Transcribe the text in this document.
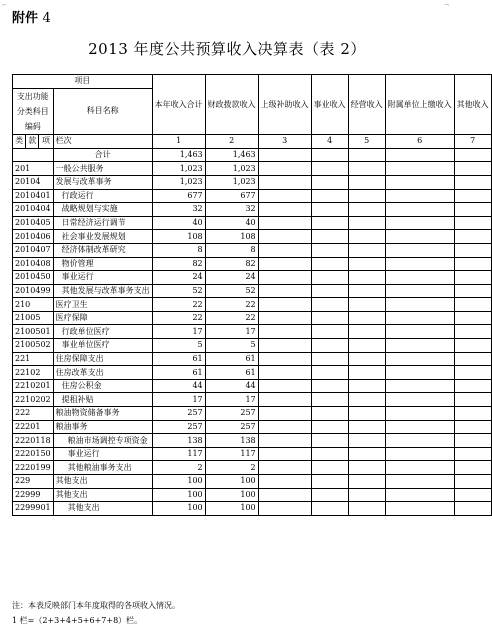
附件 4
⌐	¬
2013 年度公共预算收入决算表（表 2）
项目				本年收入合计	财政拨款收入	上级补助收入	事业收入	经营收入	附属单位上缴收入	其他收入
支出功能分类科目编码			科目名称							
类	款	项								
			栏次	1	2	3	4	5	6	7
			合计	1,463	1,463					
201			一般公共服务	1,023	1,023					
20104			发展与改革事务	1,023	1,023					
2010401			行政运行	677	677					
2010404			战略规划与实施	32	32					
2010405			日常经济运行调节	40	40					
2010406			社会事业发展规划	108	108					
2010407			经济体制改革研究	8	8					
2010408			物价管理	82	82					
2010450			事业运行	24	24					
2010499			其他发展与改革事务支出	52	52					
210			医疗卫生	22	22					
21005			医疗保障	22	22					
2100501			行政单位医疗	17	17					
2100502			事业单位医疗	5	5					
221			住房保障支出	61	61					
22102			住房改革支出	61	61					
2210201			住房公积金	44	44					
2210202			提租补贴	17	17					
222			粮油物资储备事务	257	257					
22201			粮油事务	257	257					
2220118			粮油市场调控专项资金	138	138					
2220150			事业运行	117	117					
2220199			其他粮油事务支出	2	2					
229			其他支出	100	100					
22999			其他支出	100	100					
2299901			其他支出	100	100					
注：本表反映部门本年度取得的各项收入情况。
1 栏=（2+3+4+5+6+7+8）栏。
